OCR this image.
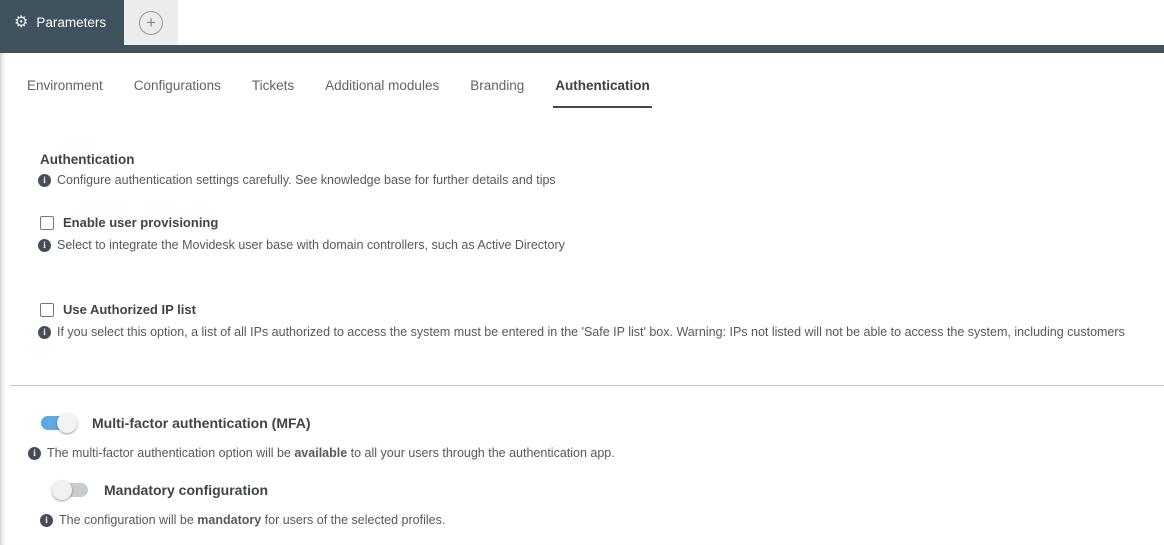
⚙ Parameters	+
Environment Configurations Tickets Additional modules Branding Authentication
Authentication
i Configure authentication settings carefully. See knowledge base for further details and tips
Enable user provisioning
i Select to integrate the Movidesk user base with domain controllers, such as Active Directory
Use Authorized IP list
i If you select this option, a list of all IPs authorized to access the system must be entered in the 'Safe IP list' box. Warning: IPs not listed will not be able to access the system, including customers
Multi-factor authentication (MFA)
i The multi-factor authentication option will be available to all your users through the authentication app.
Mandatory configuration
i The configuration will be mandatory for users of the selected profiles.
